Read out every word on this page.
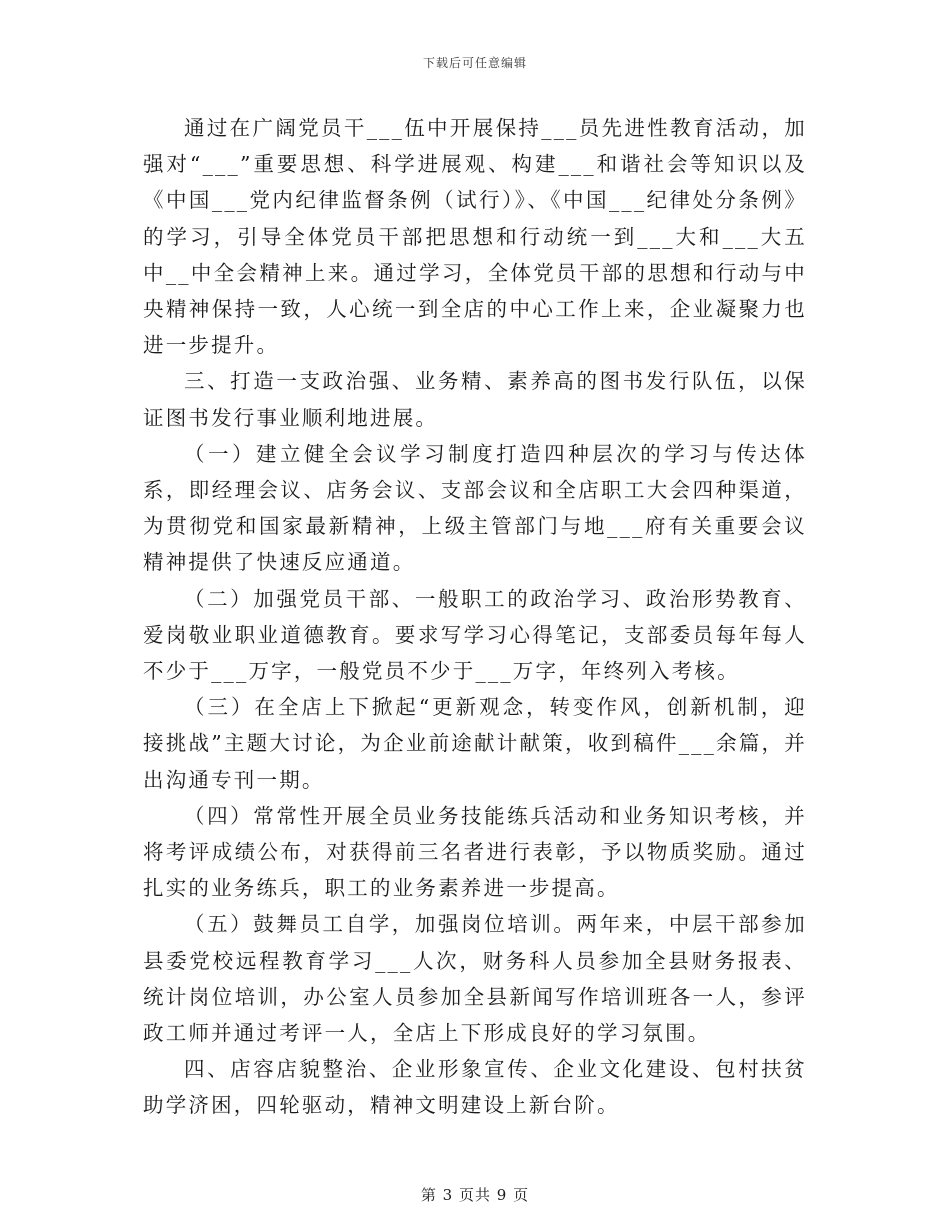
下载后可任意编辑

通过在广阔党员干___伍中开展保持___员先进性教育活动，加强对“___”重要思想、科学进展观、构建___和谐社会等知识以及《中国___党内纪律监督条例（试行）》、《中国___纪律处分条例》的学习，引导全体党员干部把思想和行动统一到___大和___大五中__中全会精神上来。通过学习，全体党员干部的思想和行动与中央精神保持一致，人心统一到全店的中心工作上来，企业凝聚力也进一步提升。

三、打造一支政治强、业务精、素养高的图书发行队伍，以保证图书发行事业顺利地进展。

（一）建立健全会议学习制度打造四种层次的学习与传达体系，即经理会议、店务会议、支部会议和全店职工大会四种渠道，为贯彻党和国家最新精神，上级主管部门与地___府有关重要会议精神提供了快速反应通道。

（二）加强党员干部、一般职工的政治学习、政治形势教育、爱岗敬业职业道德教育。要求写学习心得笔记，支部委员每年每人不少于___万字，一般党员不少于___万字，年终列入考核。

（三）在全店上下掀起“更新观念，转变作风，创新机制，迎接挑战”主题大讨论，为企业前途献计献策，收到稿件___余篇，并出沟通专刊一期。

（四）常常性开展全员业务技能练兵活动和业务知识考核，并将考评成绩公布，对获得前三名者进行表彰，予以物质奖励。通过扎实的业务练兵，职工的业务素养进一步提高。

（五）鼓舞员工自学，加强岗位培训。两年来，中层干部参加县委党校远程教育学习___人次，财务科人员参加全县财务报表、统计岗位培训，办公室人员参加全县新闻写作培训班各一人，参评政工师并通过考评一人，全店上下形成良好的学习氛围。

四、店容店貌整治、企业形象宣传、企业文化建设、包村扶贫助学济困，四轮驱动，精神文明建设上新台阶。

第 3 页共 9 页
